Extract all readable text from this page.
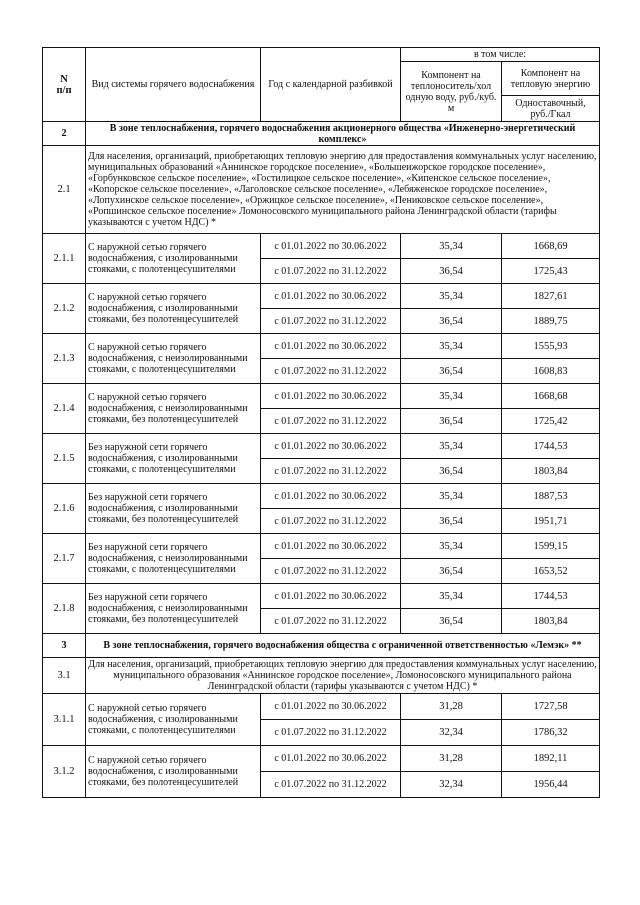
N
п/п	Вид системы горячего водоснабжения	Год с календарной разбивкой	в том числе:	
			Компонент на теплоноситель/хол одную воду, руб./куб. м	Компонент на тепловую энергию
				Одноставочный, руб./Гкал
2	В зоне теплоснабжения, горячего водоснабжения акционерного общества «Инженерно-энергетический комплекс»			
2.1	Для населения, организаций, приобретающих тепловую энергию для предоставления коммунальных услуг населению, муниципальных образований «Аннинское городское поселение», «Большеижорское городское поселение», «Горбунковское сельское поселение», «Гостилицкое сельское поселение», «Кипенское сельское поселение», «Копорское сельское поселение», «Лаголовское сельское поселение», «Лебяженское городское поселение», «Лопухинское сельское поселение», «Оржицкое сельское поселение», «Пениковское сельское поселение», «Ропшинское сельское поселение» Ломоносовского муниципального района Ленинградской области (тарифы указываются с учетом НДС) *			
2.1.1	С наружной сетью горячего водоснабжения, с изолированными стояками, с полотенцесушителями	с 01.01.2022 по 30.06.2022	35,34	1668,69
		с 01.07.2022 по 31.12.2022	36,54	1725,43
2.1.2	С наружной сетью горячего водоснабжения, с изолированными стояками, без полотенцесушителей	с 01.01.2022 по 30.06.2022	35,34	1827,61
		с 01.07.2022 по 31.12.2022	36,54	1889,75
2.1.3	С наружной сетью горячего водоснабжения, с неизолированными стояками, с полотенцесушителями	с 01.01.2022 по 30.06.2022	35,34	1555,93
		с 01.07.2022 по 31.12.2022	36,54	1608,83
2.1.4	С наружной сетью горячего водоснабжения, с неизолированными стояками, без полотенцесушителей	с 01.01.2022 по 30.06.2022	35,34	1668,68
		с 01.07.2022 по 31.12.2022	36,54	1725,42
2.1.5	Без наружной сети горячего водоснабжения, с изолированными стояками, с полотенцесушителями	с 01.01.2022 по 30.06.2022	35,34	1744,53
		с 01.07.2022 по 31.12.2022	36,54	1803,84
2.1.6	Без наружной сети горячего водоснабжения, с изолированными стояками, без полотенцесушителей	с 01.01.2022 по 30.06.2022	35,34	1887,53
		с 01.07.2022 по 31.12.2022	36,54	1951,71
2.1.7	Без наружной сети горячего водоснабжения, с неизолированными стояками, с полотенцесушителями	с 01.01.2022 по 30.06.2022	35,34	1599,15
		с 01.07.2022 по 31.12.2022	36,54	1653,52
2.1.8	Без наружной сети горячего водоснабжения, с неизолированными стояками, без полотенцесушителей	с 01.01.2022 по 30.06.2022	35,34	1744,53
		с 01.07.2022 по 31.12.2022	36,54	1803,84
3	В зоне теплоснабжения, горячего водоснабжения общества с ограниченной ответственностью «Лемэк» **			
3.1	Для населения, организаций, приобретающих тепловую энергию для предоставления коммунальных услуг населению, муниципального образования «Аннинское городское поселение», Ломоносовского муниципального района Ленинградской области (тарифы указываются с учетом НДС) *			
3.1.1	С наружной сетью горячего водоснабжения, с изолированными стояками, с полотенцесушителями	с 01.01.2022 по 30.06.2022	31,28	1727,58
		с 01.07.2022 по 31.12.2022	32,34	1786,32
3.1.2	С наружной сетью горячего водоснабжения, с изолированными стояками, без полотенцесушителей	с 01.01.2022 по 30.06.2022	31,28	1892,11
		с 01.07.2022 по 31.12.2022	32,34	1956,44
